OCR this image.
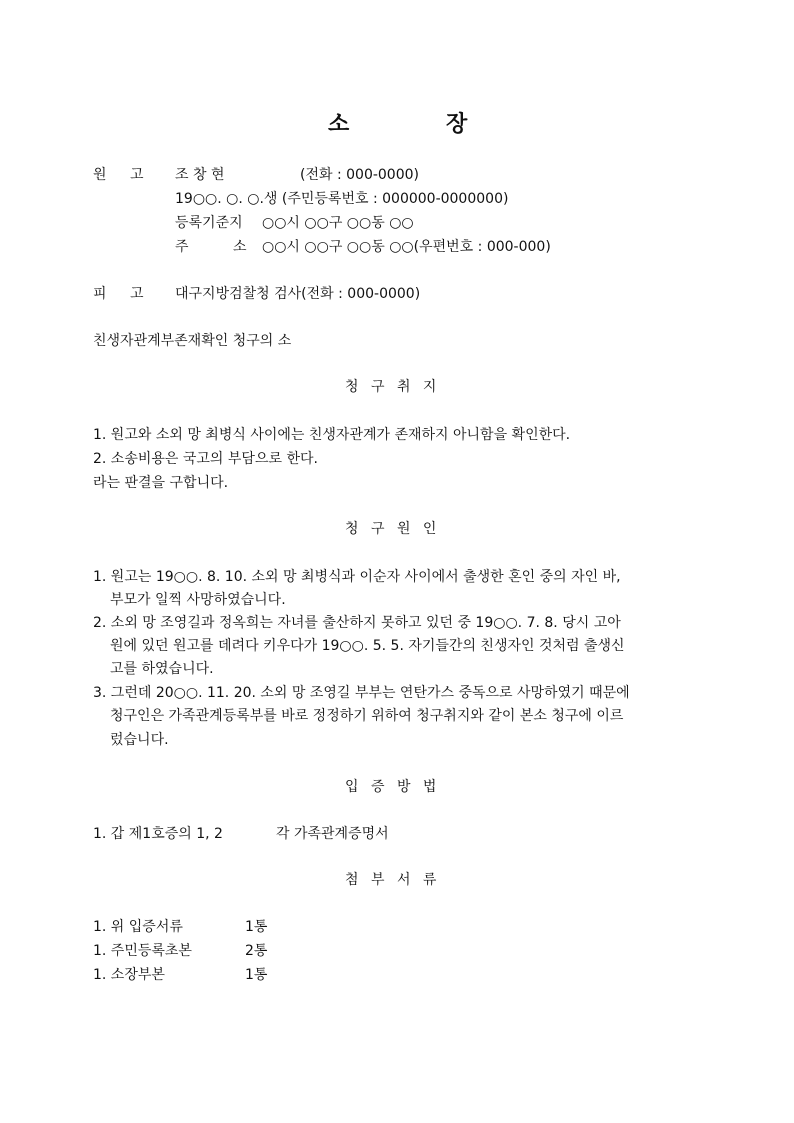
소	장
원 고 조 창 현	(전화 : 000-0000)
19○○. ○. ○.생 (주민등록번호 : 000000-0000000)
등록기준지 ○○시 ○○구 ○○동 ○○
주	소 ○○시 ○○구 ○○동 ○○(우편번호 : 000-000)
피 고 대구지방검찰청 검사(전화 : 000-0000)
친생자관계부존재확인 청구의 소
청 구 취 지
1. 원고와 소외 망 최병식 사이에는 친생자관계가 존재하지 아니함을 확인한다.
2. 소송비용은 국고의 부담으로 한다.
라는 판결을 구합니다.
청 구 원 인
1. 원고는 19○○. 8. 10. 소외 망 최병식과 이순자 사이에서 출생한 혼인 중의 자인 바,
부모가 일찍 사망하였습니다.
2. 소외 망 조영길과 정옥희는 자녀를 출산하지 못하고 있던 중 19○○. 7. 8. 당시 고아
원에 있던 원고를 데려다 키우다가 19○○. 5. 5. 자기들간의 친생자인 것처럼 출생신
고를 하였습니다.
3. 그런데 20○○. 11. 20. 소외 망 조영길 부부는 연탄가스 중독으로 사망하였기 때문에
청구인은 가족관계등록부를 바로 정정하기 위하여 청구취지와 같이 본소 청구에 이르
렀습니다.
입 증 방 법
1. 갑 제1호증의 1, 2	각 가족관계증명서
첨 부 서 류
1. 위 입증서류	1통
1. 주민등록초본	2통
1. 소장부본	1통
